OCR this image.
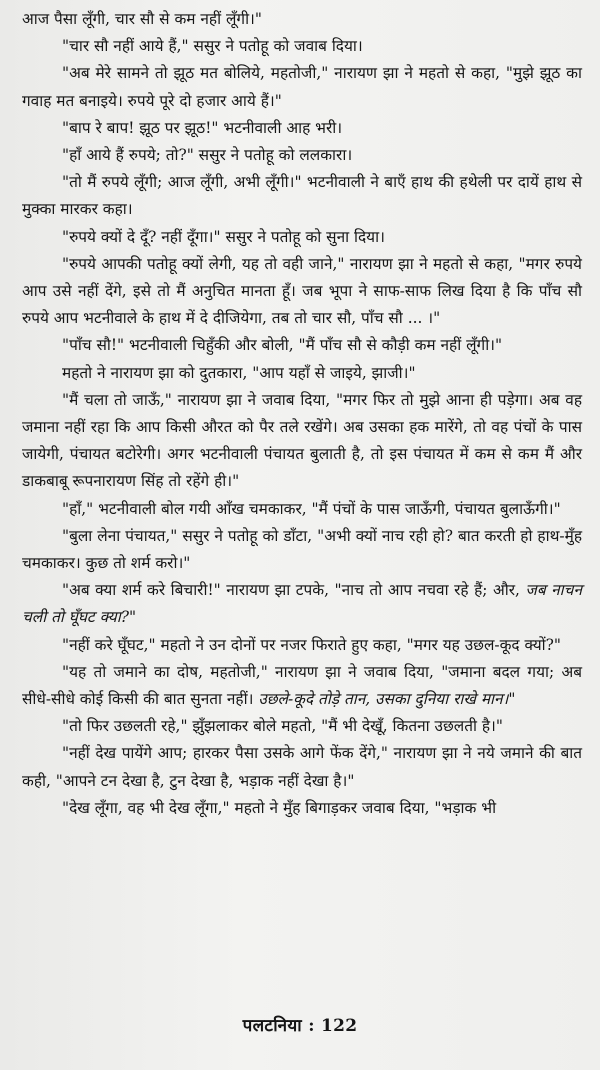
आज पैसा लूँगी, चार सौ से कम नहीं लूँगी।"

"चार सौ नहीं आये हैं," ससुर ने पतोहू को जवाब दिया।

"अब मेरे सामने तो झूठ मत बोलिये, महतोजी," नारायण झा ने महतो से कहा, "मुझे झूठ का गवाह मत बनाइये। रुपये पूरे दो हजार आये हैं।"

"बाप रे बाप! झूठ पर झूठ!" भटनीवाली आह भरी।

"हाँ आये हैं रुपये; तो?" ससुर ने पतोहू को ललकारा।

"तो मैं रुपये लूँगी; आज लूँगी, अभी लूँगी।" भटनीवाली ने बाएँ हाथ की हथेली पर दायें हाथ से मुक्का मारकर कहा।

"रुपये क्यों दे दूँ? नहीं दूँगा।" ससुर ने पतोहू को सुना दिया।

"रुपये आपकी पतोहू क्यों लेगी, यह तो वही जाने," नारायण झा ने महतो से कहा, "मगर रुपये आप उसे नहीं देंगे, इसे तो मैं अनुचित मानता हूँ। जब भूपा ने साफ-साफ लिख दिया है कि पाँच सौ रुपये आप भटनीवाले के हाथ में दे दीजियेगा, तब तो चार सौ, पाँच सौ ... ।"

"पाँच सौ!" भटनीवाली चिहुँकी और बोली, "मैं पाँच सौ से कौड़ी कम नहीं लूँगी।"

महतो ने नारायण झा को दुतकारा, "आप यहाँ से जाइये, झाजी।"

"मैं चला तो जाऊँ," नारायण झा ने जवाब दिया, "मगर फिर तो मुझे आना ही पड़ेगा। अब वह जमाना नहीं रहा कि आप किसी औरत को पैर तले रखेंगे। अब उसका हक मारेंगे, तो वह पंचों के पास जायेगी, पंचायत बटोरेगी। अगर भटनीवाली पंचायत बुलाती है, तो इस पंचायत में कम से कम मैं और डाकबाबू रूपनारायण सिंह तो रहेंगे ही।"

"हाँ," भटनीवाली बोल गयी आँख चमकाकर, "मैं पंचों के पास जाऊँगी, पंचायत बुलाऊँगी।"

"बुला लेना पंचायत," ससुर ने पतोहू को डाँटा, "अभी क्यों नाच रही हो? बात करती हो हाथ-मुँह चमकाकर। कुछ तो शर्म करो।"

"अब क्या शर्म करे बिचारी!" नारायण झा टपके, "नाच तो आप नचवा रहे हैं; और, जब नाचन चली तो घूँघट क्या?"

"नहीं करे घूँघट," महतो ने उन दोनों पर नजर फिराते हुए कहा, "मगर यह उछल-कूद क्यों?"

"यह तो जमाने का दोष, महतोजी," नारायण झा ने जवाब दिया, "जमाना बदल गया; अब सीधे-सीधे कोई किसी की बात सुनता नहीं। उछले-कूदे तोड़े तान, उसका दुनिया राखे मान।"

"तो फिर उछलती रहे," झुँझलाकर बोले महतो, "मैं भी देखूँ, कितना उछलती है।"

"नहीं देख पायेंगे आप; हारकर पैसा उसके आगे फेंक देंगे," नारायण झा ने नये जमाने की बात कही, "आपने टन देखा है, टुन देखा है, भड़ाक नहीं देखा है।"

"देख लूँगा, वह भी देख लूँगा," महतो ने मुँह बिगाड़कर जवाब दिया, "भड़ाक भी

पलटनिया : 122
